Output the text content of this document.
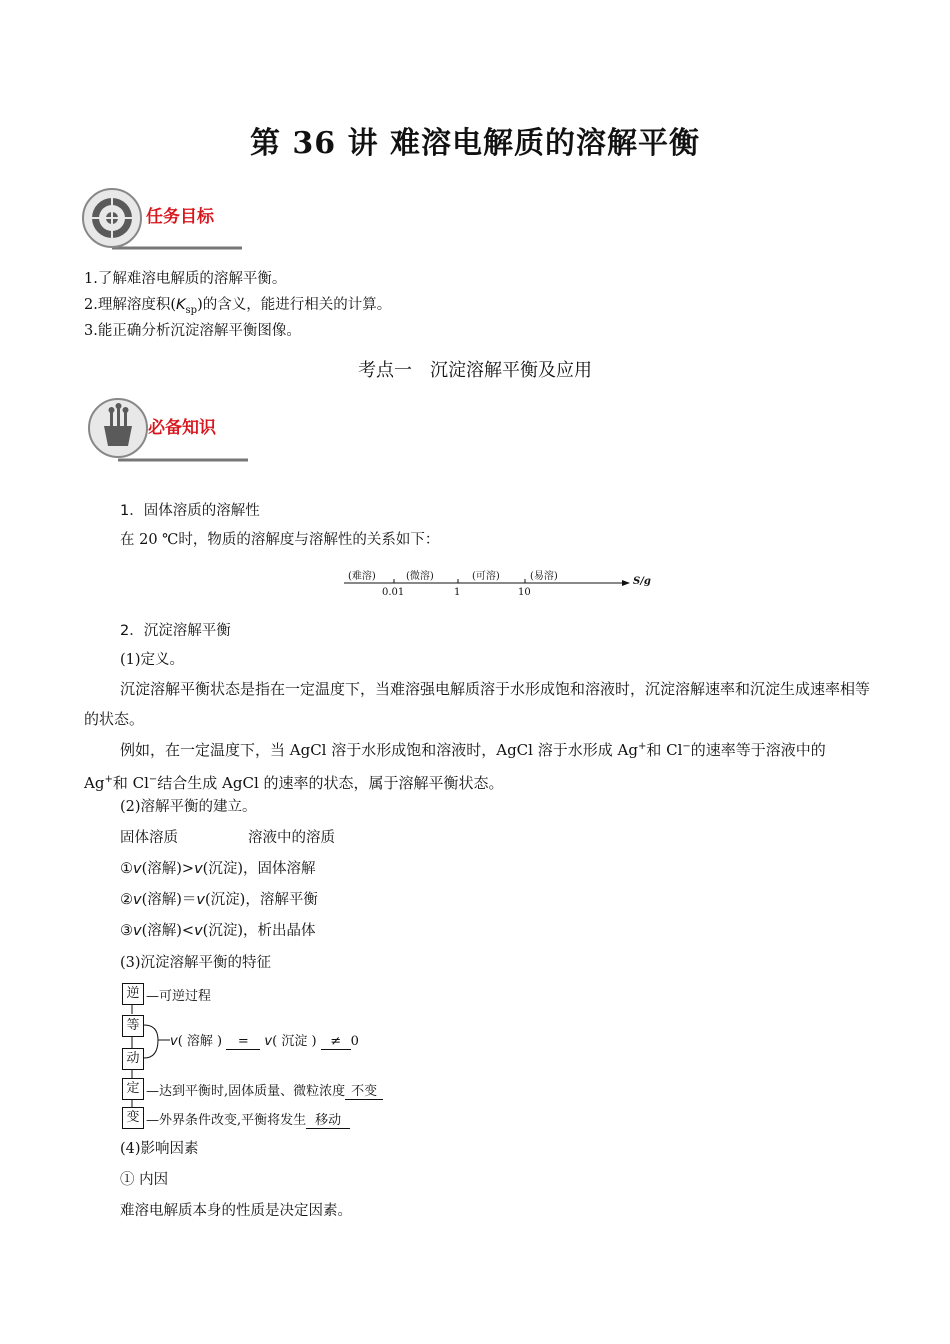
第 36 讲 难溶电解质的溶解平衡
任务目标
1.了解难溶电解质的溶解平衡。
2.理解溶度积$(K_{sp})$的含义，能进行相关的计算。
3.能正确分析沉淀溶解平衡图像。
考点一　沉淀溶解平衡及应用
必备知识
1．固体溶质的溶解性
在 20 ℃时，物质的溶解度与溶解性的关系如下：
(难溶)	(微溶)	(可溶)	(易溶)
0.01	1	10
S/g
2．沉淀溶解平衡
(1)定义。
沉淀溶解平衡状态是指在一定温度下，当难溶强电解质溶于水形成饱和溶液时，沉淀溶解速率和沉淀生成速率相等的状态。
例如，在一定温度下，当 AgCl 溶于水形成饱和溶液时，AgCl 溶于水形成 Ag+和 Cl−的速率等于溶液中的 Ag+和 Cl−结合生成 AgCl 的速率的状态，属于溶解平衡状态。
(2)溶解平衡的建立。
固体溶质	溶液中的溶质
①v(溶解)>v(沉淀)，固体溶解
②v(溶解)＝v(沉淀)，溶解平衡
③v(溶解)<v(沉淀)，析出晶体
(3)沉淀溶解平衡的特征
逆 —可逆过程
等
动
v( 溶解 ) = v( 沉淀 ) ≠ 0
定 —达到平衡时,固体质量、微粒浓度 不变
变 —外界条件改变,平衡将发生 移动
(4)影响因素
① 内因
难溶电解质本身的性质是决定因素。
